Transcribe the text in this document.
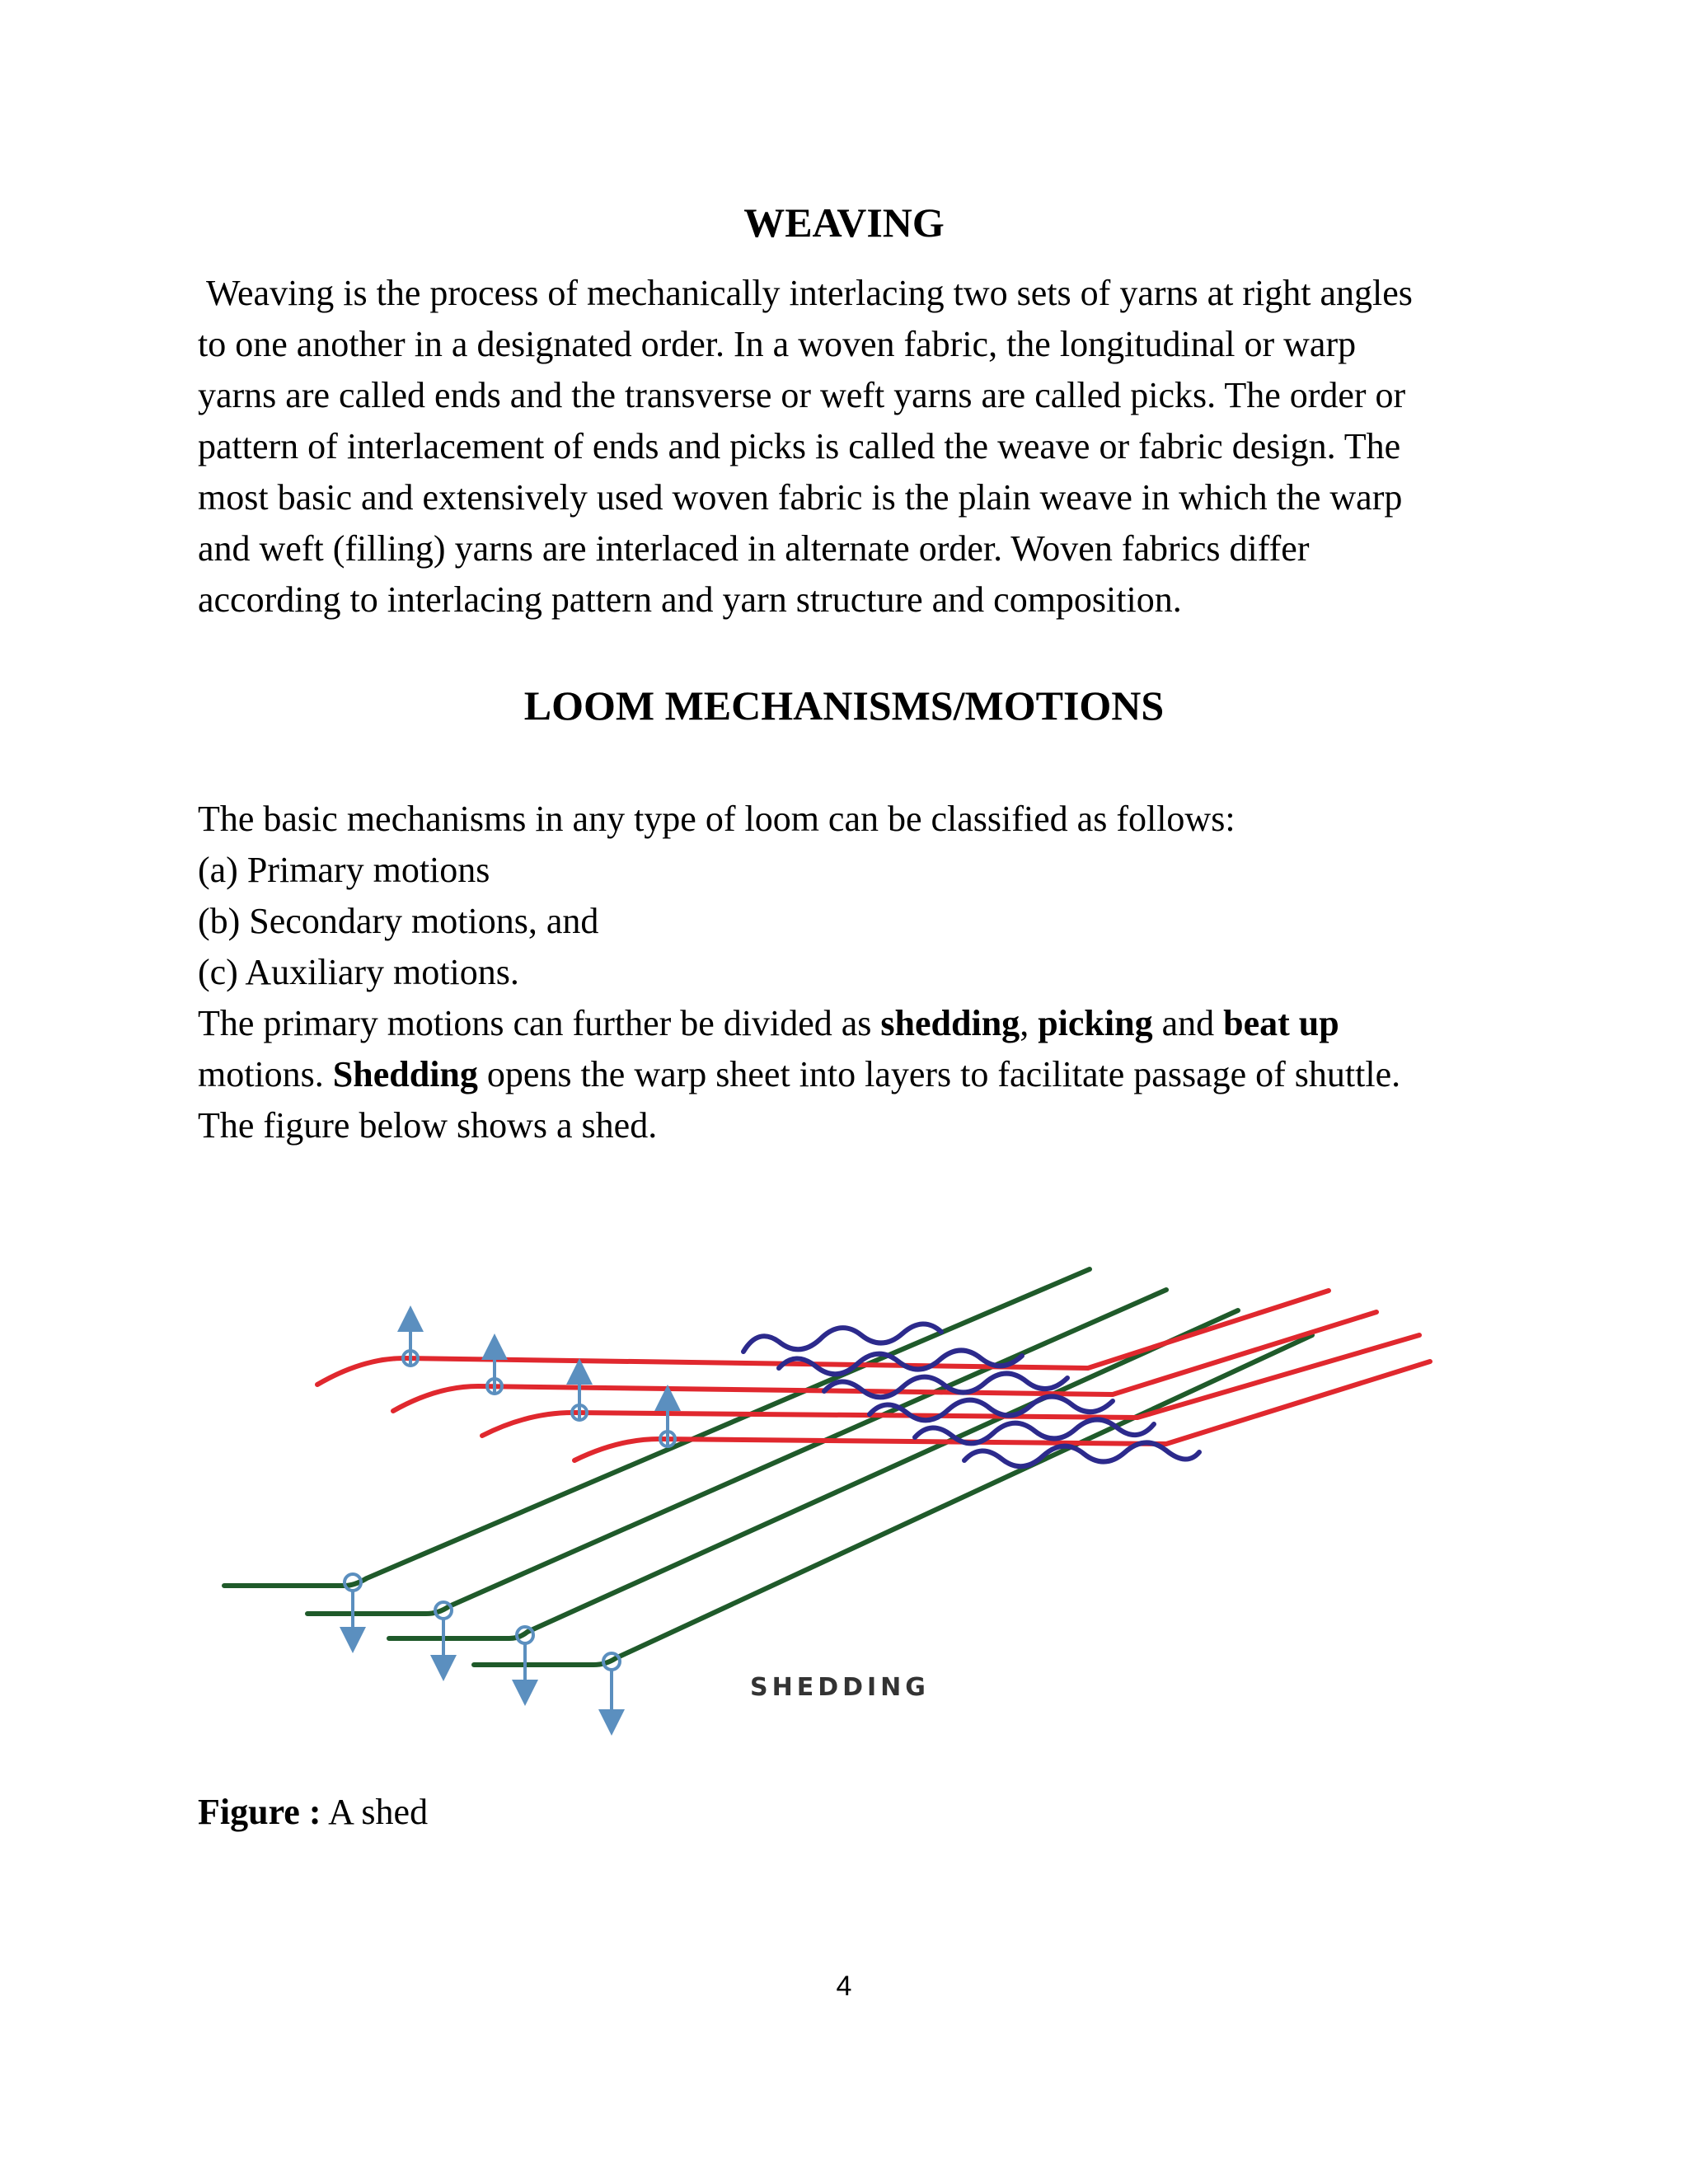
WEAVING

Weaving is the process of mechanically interlacing two sets of yarns at right angles

to one another in a designated order. In a woven fabric, the longitudinal or warp

yarns are called ends and the transverse or weft yarns are called picks. The order or

pattern of interlacement of ends and picks is called the weave or fabric design. The

most basic and extensively used woven fabric is the plain weave in which the warp

and weft (filling) yarns are interlaced in alternate order. Woven fabrics differ

according to interlacing pattern and yarn structure and composition.

LOOM MECHANISMS/MOTIONS

The basic mechanisms in any type of loom can be classified as follows:

(a) Primary motions

(b) Secondary motions, and

(c) Auxiliary motions.

The primary motions can further be divided as shedding, picking and beat up

motions. Shedding opens the warp sheet into layers to facilitate passage of shuttle.

The figure below shows a shed.

SHEDDING

Figure : A shed

4
